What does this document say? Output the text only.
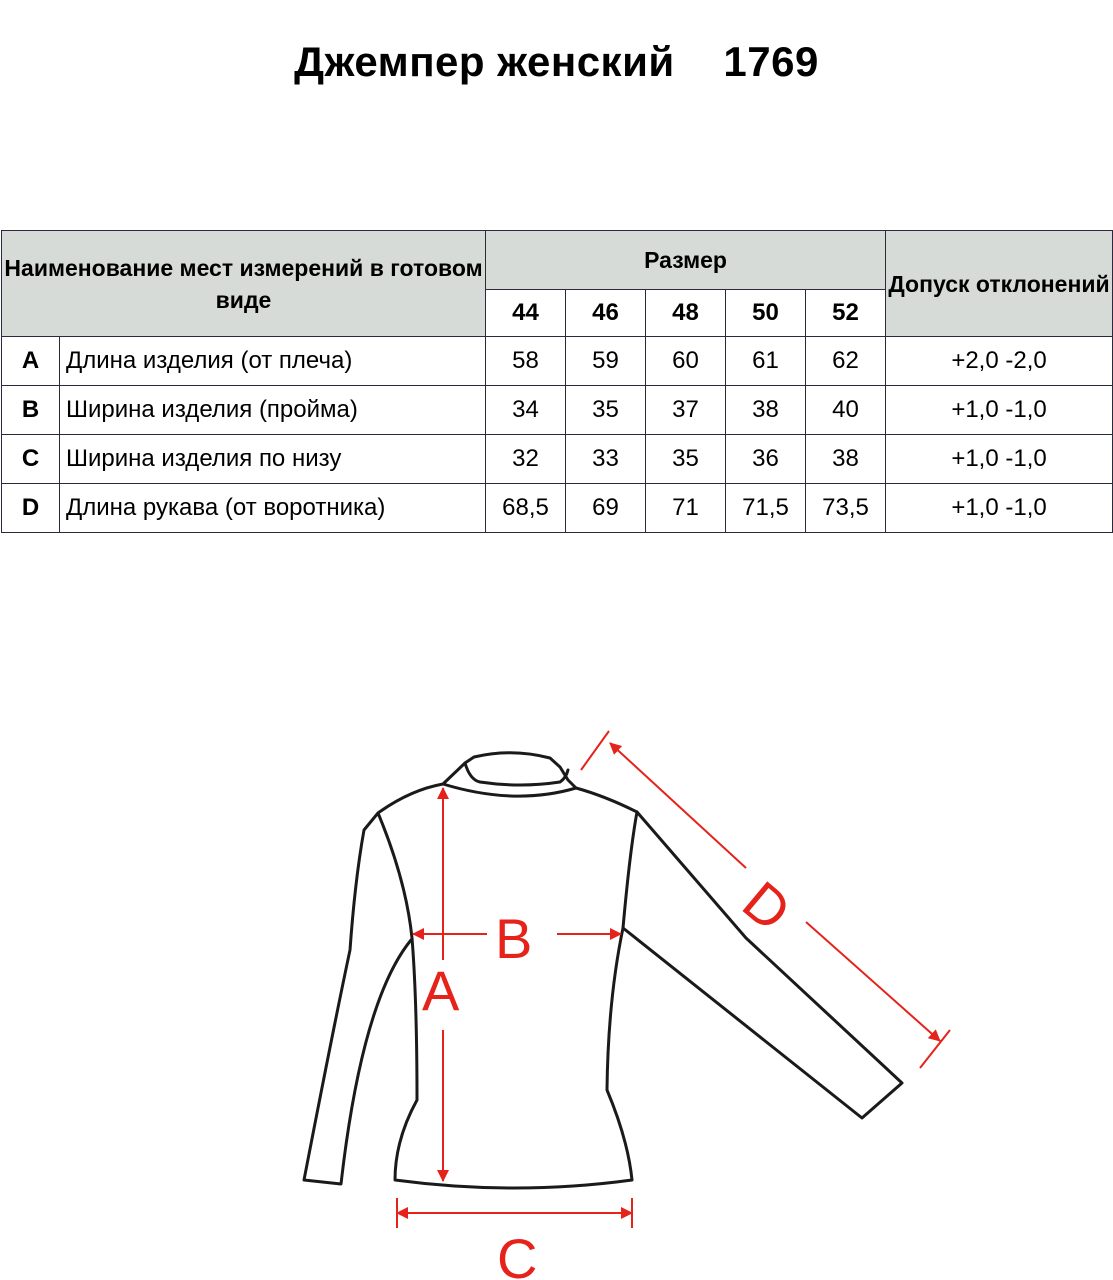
Джемпер женский    1769
Наименование мест измерений в готовом виде		Размер					Допуск отклонений
		44	46	48	50	52	
A	Длина изделия (от плеча)	58	59	60	61	62	+2,0 -2,0
B	Ширина изделия (пройма)	34	35	37	38	40	+1,0 -1,0
C	Ширина изделия по низу	32	33	35	36	38	+1,0 -1,0
D	Длина рукава (от воротника)	68,5	69	71	71,5	73,5	+1,0 -1,0
A
B
C
D
